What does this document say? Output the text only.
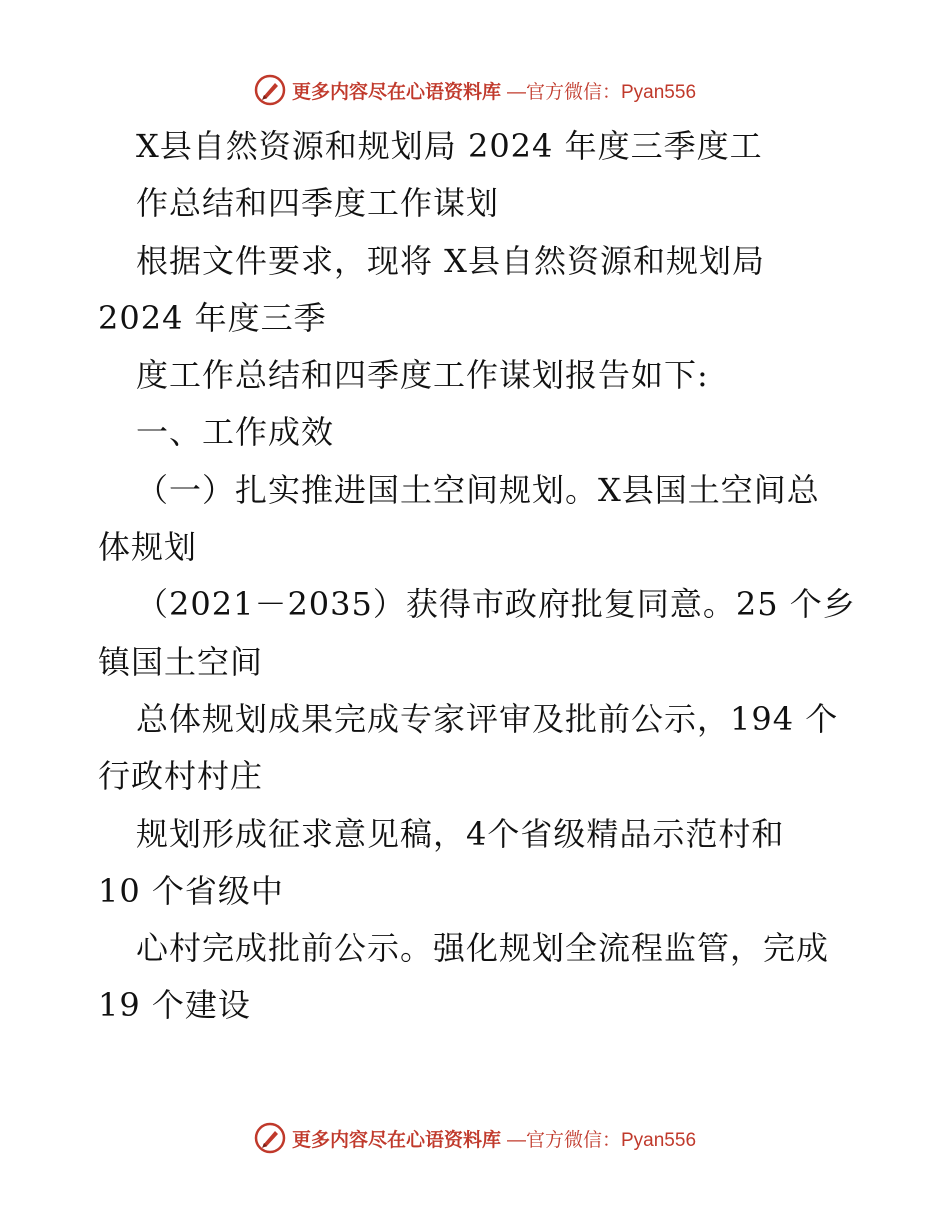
更多内容尽在心语资料库 —官方微信：Pyan556
X县自然资源和规划局 2024 年度三季度工
作总结和四季度工作谋划
根据文件要求，现将 X县自然资源和规划局
2024 年度三季
度工作总结和四季度工作谋划报告如下:
一、工作成效
（一）扎实推进国土空间规划。X县国土空间总
体规划
（2021－2035）获得市政府批复同意。25 个乡
镇国土空间
总体规划成果完成专家评审及批前公示，194 个
行政村村庄
规划形成征求意见稿，4个省级精品示范村和
10 个省级中
心村完成批前公示。强化规划全流程监管，完成
19 个建设
更多内容尽在心语资料库 —官方微信：Pyan556
